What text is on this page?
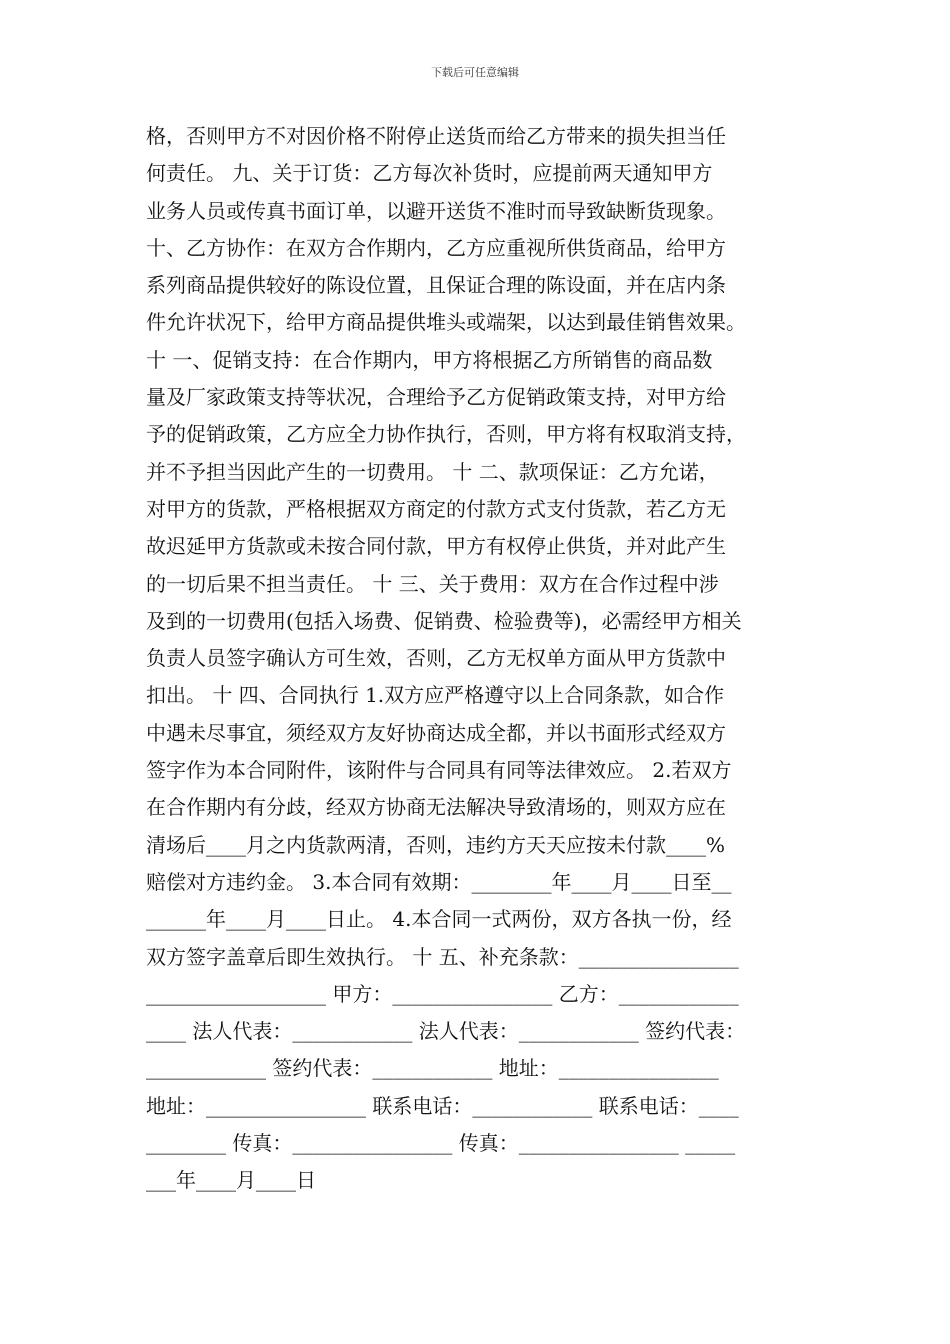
下载后可任意编辑
格，否则甲方不对因价格不附停止送货而给乙方带来的损失担当任
何责任。 九、关于订货：乙方每次补货时，应提前两天通知甲方
业务人员或传真书面订单，以避开送货不准时而导致缺断货现象。
十、乙方协作：在双方合作期内，乙方应重视所供货商品，给甲方
系列商品提供较好的陈设位置，且保证合理的陈设面，并在店内条
件允许状况下，给甲方商品提供堆头或端架，以达到最佳销售效果。
十 一、促销支持：在合作期内，甲方将根据乙方所销售的商品数
量及厂家政策支持等状况，合理给予乙方促销政策支持，对甲方给
予的促销政策，乙方应全力协作执行，否则，甲方将有权取消支持，
并不予担当因此产生的一切费用。 十 二、款项保证：乙方允诺，
对甲方的货款，严格根据双方商定的付款方式支付货款，若乙方无
故迟延甲方货款或未按合同付款，甲方有权停止供货，并对此产生
的一切后果不担当责任。 十 三、关于费用：双方在合作过程中涉
及到的一切费用(包括入场费、促销费、检验费等)，必需经甲方相关
负责人员签字确认方可生效，否则，乙方无权单方面从甲方货款中
扣出。 十 四、合同执行 1.双方应严格遵守以上合同条款，如合作
中遇未尽事宜，须经双方友好协商达成全都，并以书面形式经双方
签字作为本合同附件，该附件与合同具有同等法律效应。 2.若双方
在合作期内有分歧，经双方协商无法解决导致清场的，则双方应在
清场后____月之内货款两清，否则，违约方天天应按未付款____%
赔偿对方违约金。 3.本合同有效期：________年____月____日至__
______年____月____日止。 4.本合同一式两份，双方各执一份，经
双方签字盖章后即生效执行。 十 五、补充条款：________________
__________________ 甲方：________________ 乙方：____________
____ 法人代表：____________ 法人代表：____________ 签约代表：
____________ 签约代表：____________ 地址：________________
地址：________________ 联系电话：____________ 联系电话：____
________ 传真：________________ 传真：________________ _____
___年____月____日
